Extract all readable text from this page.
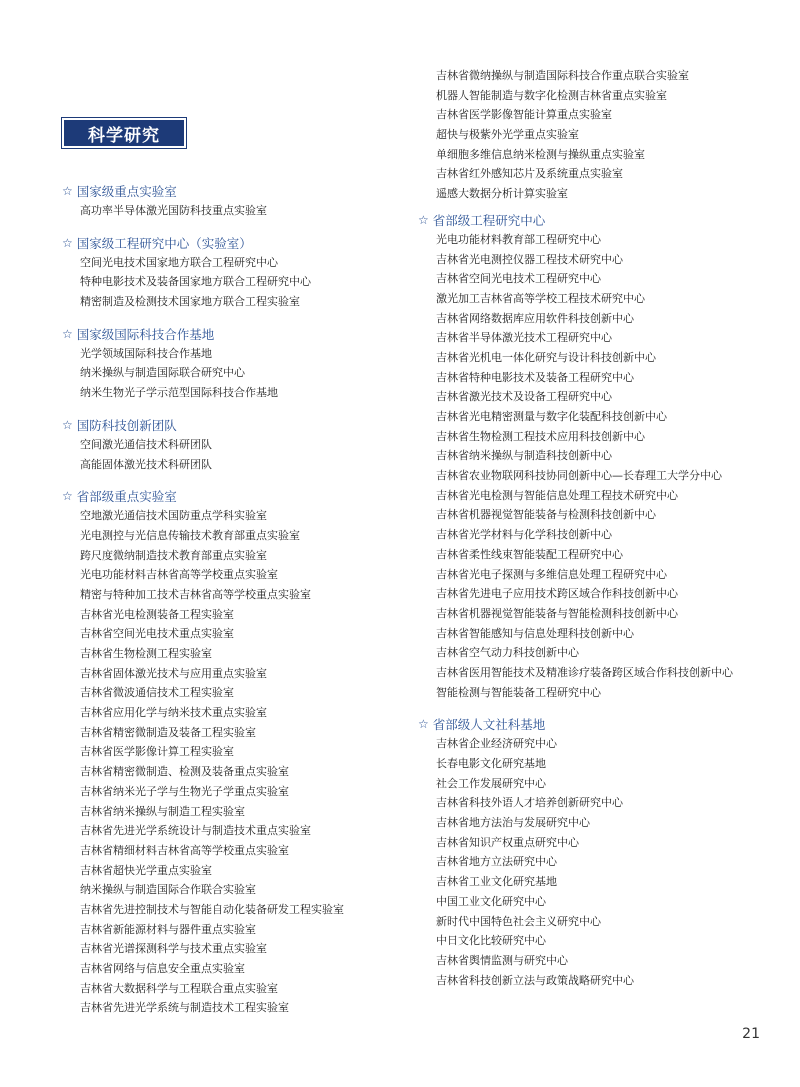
科学研究
☆ 国家级重点实验室
高功率半导体激光国防科技重点实验室
☆ 国家级工程研究中心（实验室）
空间光电技术国家地方联合工程研究中心
特种电影技术及装备国家地方联合工程研究中心
精密制造及检测技术国家地方联合工程实验室
☆ 国家级国际科技合作基地
光学领域国际科技合作基地
纳米操纵与制造国际联合研究中心
纳米生物光子学示范型国际科技合作基地
☆ 国防科技创新团队
空间激光通信技术科研团队
高能固体激光技术科研团队
☆ 省部级重点实验室
空地激光通信技术国防重点学科实验室
光电测控与光信息传输技术教育部重点实验室
跨尺度微纳制造技术教育部重点实验室
光电功能材料吉林省高等学校重点实验室
精密与特种加工技术吉林省高等学校重点实验室
吉林省光电检测装备工程实验室
吉林省空间光电技术重点实验室
吉林省生物检测工程实验室
吉林省固体激光技术与应用重点实验室
吉林省微波通信技术工程实验室
吉林省应用化学与纳米技术重点实验室
吉林省精密微制造及装备工程实验室
吉林省医学影像计算工程实验室
吉林省精密微制造、检测及装备重点实验室
吉林省纳米光子学与生物光子学重点实验室
吉林省纳米操纵与制造工程实验室
吉林省先进光学系统设计与制造技术重点实验室
吉林省精细材料吉林省高等学校重点实验室
吉林省超快光学重点实验室
纳米操纵与制造国际合作联合实验室
吉林省先进控制技术与智能自动化装备研发工程实验室
吉林省新能源材料与器件重点实验室
吉林省光谱探测科学与技术重点实验室
吉林省网络与信息安全重点实验室
吉林省大数据科学与工程联合重点实验室
吉林省先进光学系统与制造技术工程实验室
吉林省微纳操纵与制造国际科技合作重点联合实验室
机器人智能制造与数字化检测吉林省重点实验室
吉林省医学影像智能计算重点实验室
超快与极紫外光学重点实验室
单细胞多维信息纳米检测与操纵重点实验室
吉林省红外感知芯片及系统重点实验室
遥感大数据分析计算实验室
☆ 省部级工程研究中心
光电功能材料教育部工程研究中心
吉林省光电测控仪器工程技术研究中心
吉林省空间光电技术工程研究中心
激光加工吉林省高等学校工程技术研究中心
吉林省网络数据库应用软件科技创新中心
吉林省半导体激光技术工程研究中心
吉林省光机电一体化研究与设计科技创新中心
吉林省特种电影技术及装备工程研究中心
吉林省激光技术及设备工程研究中心
吉林省光电精密测量与数字化装配科技创新中心
吉林省生物检测工程技术应用科技创新中心
吉林省纳米操纵与制造科技创新中心
吉林省农业物联网科技协同创新中心—长春理工大学分中心
吉林省光电检测与智能信息处理工程技术研究中心
吉林省机器视觉智能装备与检测科技创新中心
吉林省光学材料与化学科技创新中心
吉林省柔性线束智能装配工程研究中心
吉林省光电子探测与多维信息处理工程研究中心
吉林省先进电子应用技术跨区域合作科技创新中心
吉林省机器视觉智能装备与智能检测科技创新中心
吉林省智能感知与信息处理科技创新中心
吉林省空气动力科技创新中心
吉林省医用智能技术及精准诊疗装备跨区域合作科技创新中心
智能检测与智能装备工程研究中心
☆ 省部级人文社科基地
吉林省企业经济研究中心
长春电影文化研究基地
社会工作发展研究中心
吉林省科技外语人才培养创新研究中心
吉林省地方法治与发展研究中心
吉林省知识产权重点研究中心
吉林省地方立法研究中心
吉林省工业文化研究基地
中国工业文化研究中心
新时代中国特色社会主义研究中心
中日文化比较研究中心
吉林省舆情监测与研究中心
吉林省科技创新立法与政策战略研究中心
21
